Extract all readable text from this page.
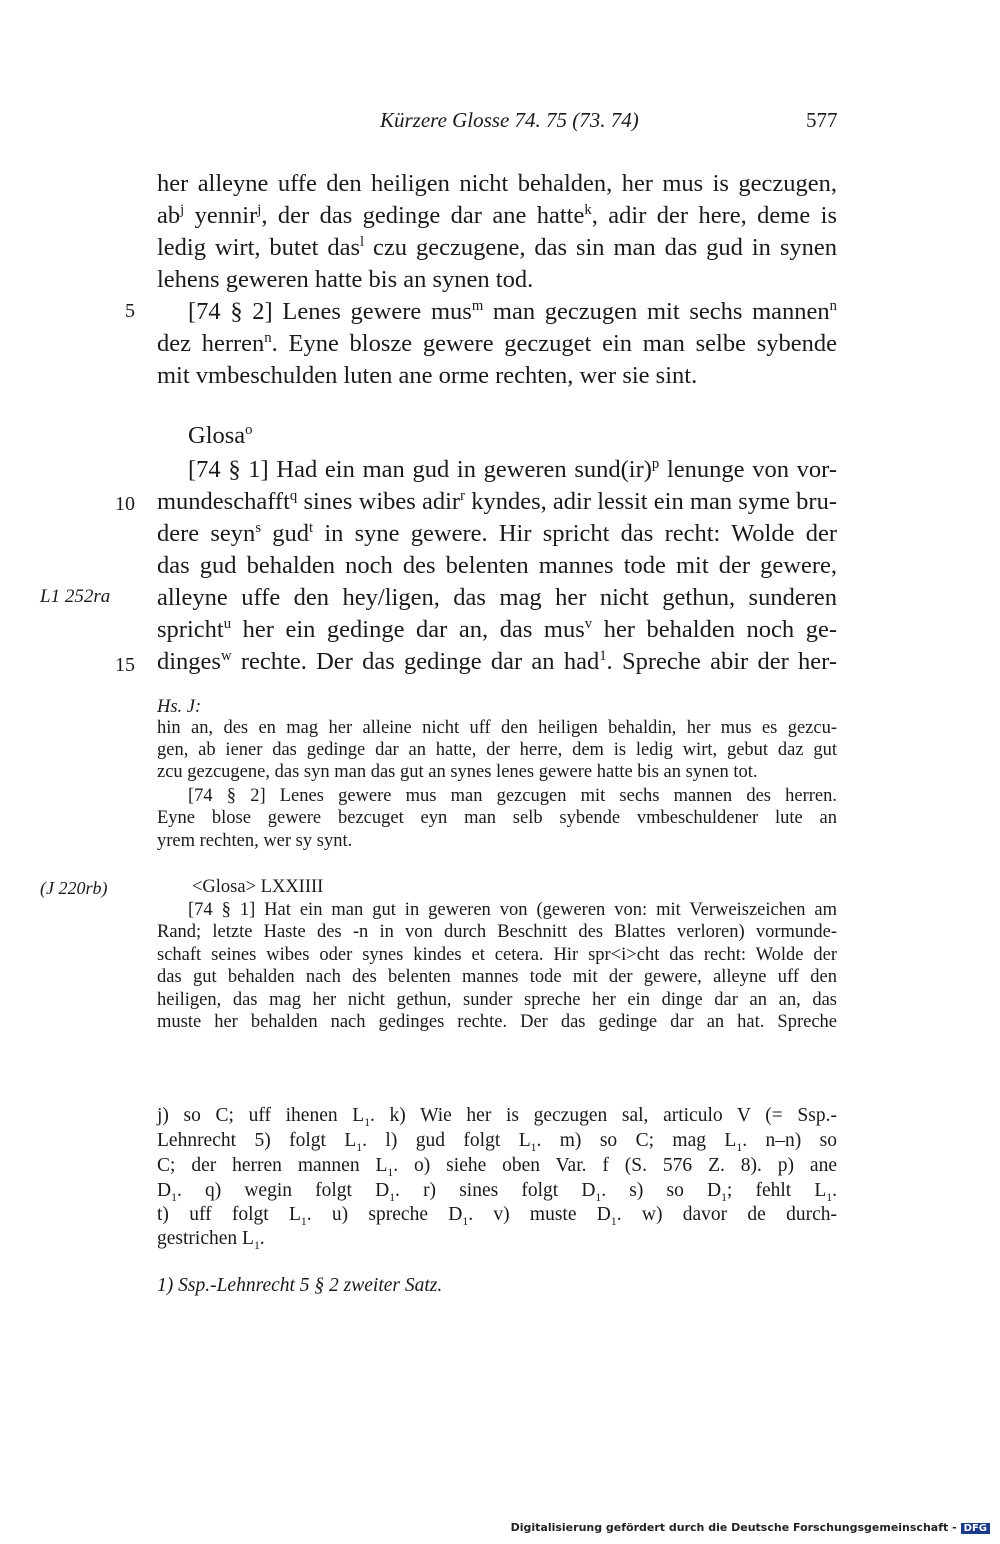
Kürzere Glosse 74. 75 (73. 74)	577
5
10
15
L1 252ra
(J 220rb)
her alleyne uffe den heiligen nicht behalden, her mus is geczugen,
$ab^j$ yennir$^j$, der das gedinge dar ane hatte$^k$, adir der here, deme is
ledig wirt, butet das$^l$ czu geczugene, das sin man das gud in synen
lehens geweren hatte bis an synen tod.
[74 § 2] Lenes gewere mus$^m$ man geczugen mit sechs mannen$^n$
dez herren$^n$. Eyne blosze gewere geczuget ein man selbe sybende
mit vmbeschulden luten ane orme rechten, wer sie sint.
Glosa$^o$
[74 § 1] Had ein man gud in geweren sund(ir)$^p$ lenunge von vor-
mundeschafft$^q$ sines wibes adir$^r$ kyndes, adir lessit ein man syme bru-
dere seyn$^s$ gud$^t$ in syne gewere. Hir spricht das recht: Wolde der
das gud behalden noch des belenten mannes tode mit der gewere,
alleyne uffe den hey/ligen, das mag her nicht gethun, sunderen
spricht$^u$ her ein gedinge dar an, das mus$^v$ her behalden noch ge-
dinges$^w$ rechte. Der das gedinge dar an had$^1$. Spreche abir der her-
Hs. J:
hin an, des en mag her alleine nicht uff den heiligen behaldin, her mus es gezcu-
gen, ab iener das gedinge dar an hatte, der herre, dem is ledig wirt, gebut daz gut
zcu gezcugene, das syn man das gut an synes lenes gewere hatte bis an synen tot.
[74 § 2] Lenes gewere mus man gezcugen mit sechs mannen des herren.
Eyne blose gewere bezcuget eyn man selb sybende vmbeschuldener lute an
yrem rechten, wer sy synt.
<Glosa> LXXIIII
[74 § 1] Hat ein man gut in geweren von (geweren von: mit Verweiszeichen am
Rand; letzte Haste des -n in von durch Beschnitt des Blattes verloren) vormunde-
schaft seines wibes oder synes kindes et cetera. Hir spr<i>cht das recht: Wolde der
das gut behalden nach des belenten mannes tode mit der gewere, alleyne uff den
heiligen, das mag her nicht gethun, sunder spreche her ein dinge dar an an, das
muste her behalden nach gedinges rechte. Der das gedinge dar an hat. Spreche
j) so C; uff ihenen $L_1$. k) Wie her is geczugen sal, articulo V (= Ssp.-
Lehnrecht 5) folgt $L_1$. l) gud folgt $L_1$. m) so C; mag $L_1$. n–n) so
C; der herren mannen $L_1$. o) siehe oben Var. f (S. 576 Z. 8). p) ane
$D_1$. q) wegin folgt $D_1$. r) sines folgt $D_1$. s) so $D_1$; fehlt $L_1$.
t) uff folgt $L_1$. u) spreche $D_1$. v) muste $D_1$. w) davor de durch-
gestrichen $L_1$.
1) Ssp.-Lehnrecht 5 § 2 zweiter Satz.
Digitalisierung gefördert durch die Deutsche Forschungsgemeinschaft - DFG
